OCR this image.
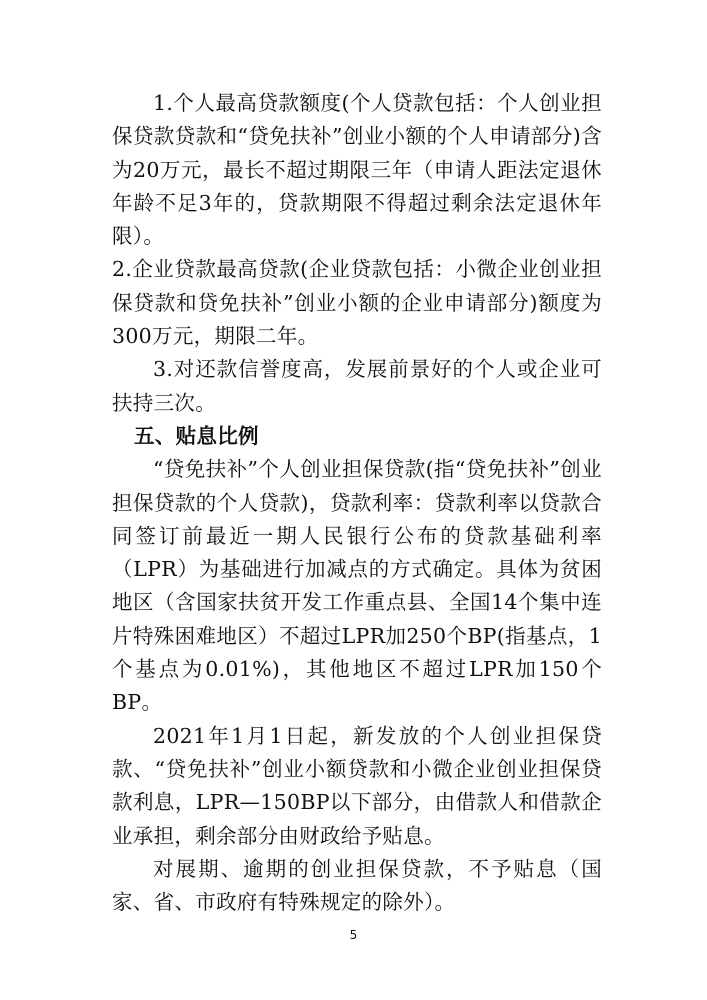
1.个人最高贷款额度(个人贷款包括：个人创业担保贷款贷款和“贷免扶补”创业小额的个人申请部分)含为20万元，最长不超过期限三年（申请人距法定退休年龄不足3年的，贷款期限不得超过剩余法定退休年限）。

2.企业贷款最高贷款(企业贷款包括：小微企业创业担保贷款和贷免扶补”创业小额的企业申请部分)额度为300万元，期限二年。

3.对还款信誉度高，发展前景好的个人或企业可扶持三次。

五、贴息比例

“贷免扶补”个人创业担保贷款(指“贷免扶补”创业担保贷款的个人贷款)，贷款利率：贷款利率以贷款合同签订前最近一期人民银行公布的贷款基础利率（LPR）为基础进行加减点的方式确定。具体为贫困地区（含国家扶贫开发工作重点县、全国14个集中连片特殊困难地区）不超过LPR加250个BP(指基点，1个基点为0.01%)，其他地区不超过LPR加150个BP。

2021年1月1日起，新发放的个人创业担保贷款、“贷免扶补”创业小额贷款和小微企业创业担保贷款利息，LPR—150BP以下部分，由借款人和借款企业承担，剩余部分由财政给予贴息。

对展期、逾期的创业担保贷款，不予贴息（国家、省、市政府有特殊规定的除外）。

5
